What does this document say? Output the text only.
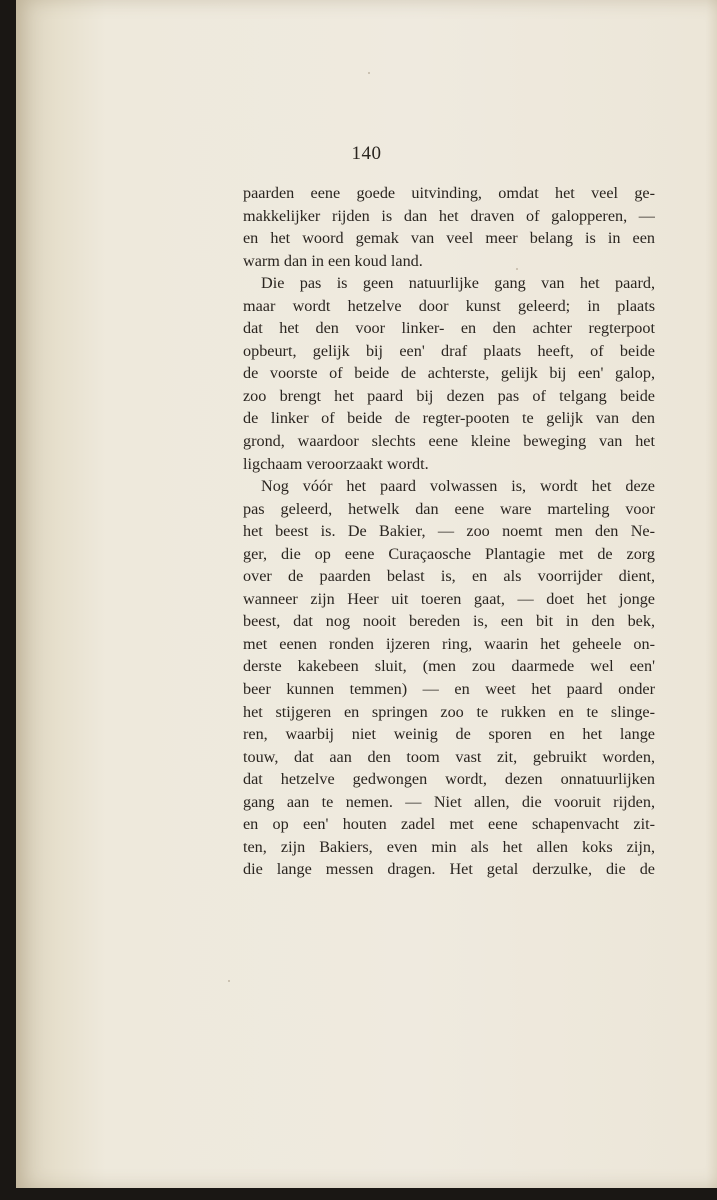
140
paarden eene goede uitvinding, omdat het veel ge-
makkelijker rijden is dan het draven of galopperen, —
en het woord gemak van veel meer belang is in een
warm dan in een koud land.
Die pas is geen natuurlijke gang van het paard,
maar wordt hetzelve door kunst geleerd; in plaats
dat het den voor linker- en den achter regterpoot
opbeurt, gelijk bij een' draf plaats heeft, of beide
de voorste of beide de achterste, gelijk bij een' galop,
zoo brengt het paard bij dezen pas of telgang beide
de linker of beide de regter-pooten te gelijk van den
grond, waardoor slechts eene kleine beweging van het
ligchaam veroorzaakt wordt.
Nog vóór het paard volwassen is, wordt het deze
pas geleerd, hetwelk dan eene ware marteling voor
het beest is. De Bakier, — zoo noemt men den Ne-
ger, die op eene Curaçaosche Plantagie met de zorg
over de paarden belast is, en als voorrijder dient,
wanneer zijn Heer uit toeren gaat, — doet het jonge
beest, dat nog nooit bereden is, een bit in den bek,
met eenen ronden ijzeren ring, waarin het geheele on-
derste kakebeen sluit, (men zou daarmede wel een'
beer kunnen temmen) — en weet het paard onder
het stijgeren en springen zoo te rukken en te slinge-
ren, waarbij niet weinig de sporen en het lange
touw, dat aan den toom vast zit, gebruikt worden,
dat hetzelve gedwongen wordt, dezen onnatuurlijken
gang aan te nemen. — Niet allen, die vooruit rijden,
en op een' houten zadel met eene schapenvacht zit-
ten, zijn Bakiers, even min als het allen koks zijn,
die lange messen dragen. Het getal derzulke, die de
